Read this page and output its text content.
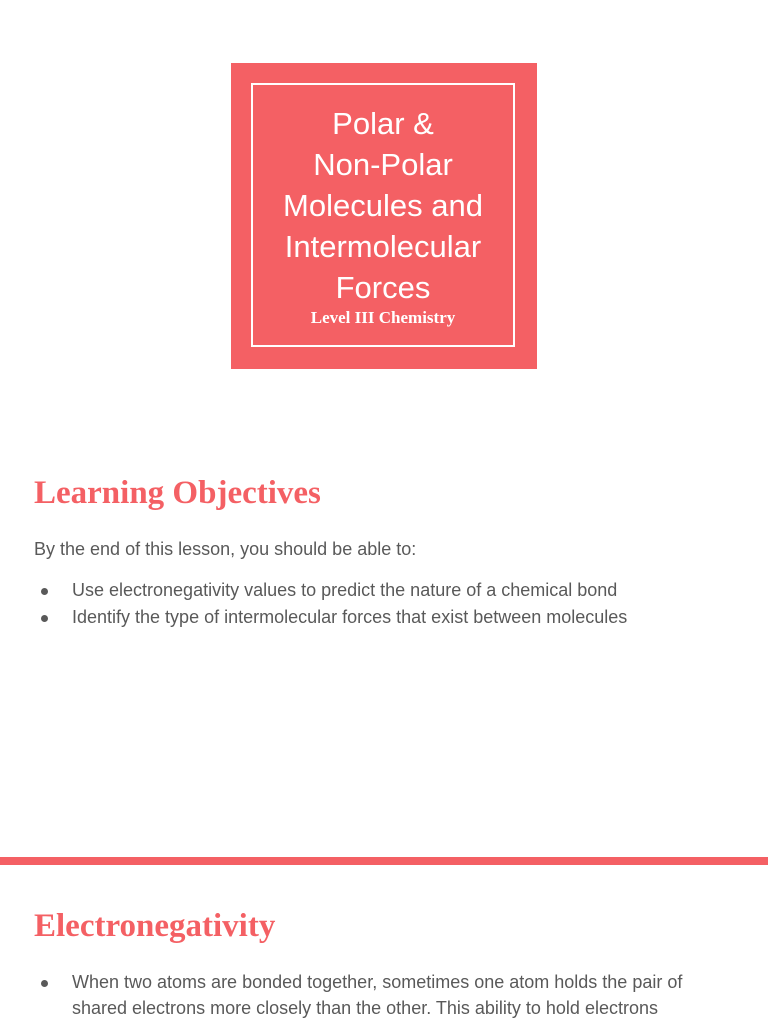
Polar &
Non-Polar
Molecules and
Intermolecular
Forces
Level III Chemistry
Learning Objectives

By the end of this lesson, you should be able to:

Use electronegativity values to predict the nature of a chemical bond
Identify the type of intermolecular forces that exist between molecules
Electronegativity
When two atoms are bonded together, sometimes one atom holds the pair of shared electrons more closely than the other. This ability to hold electrons
